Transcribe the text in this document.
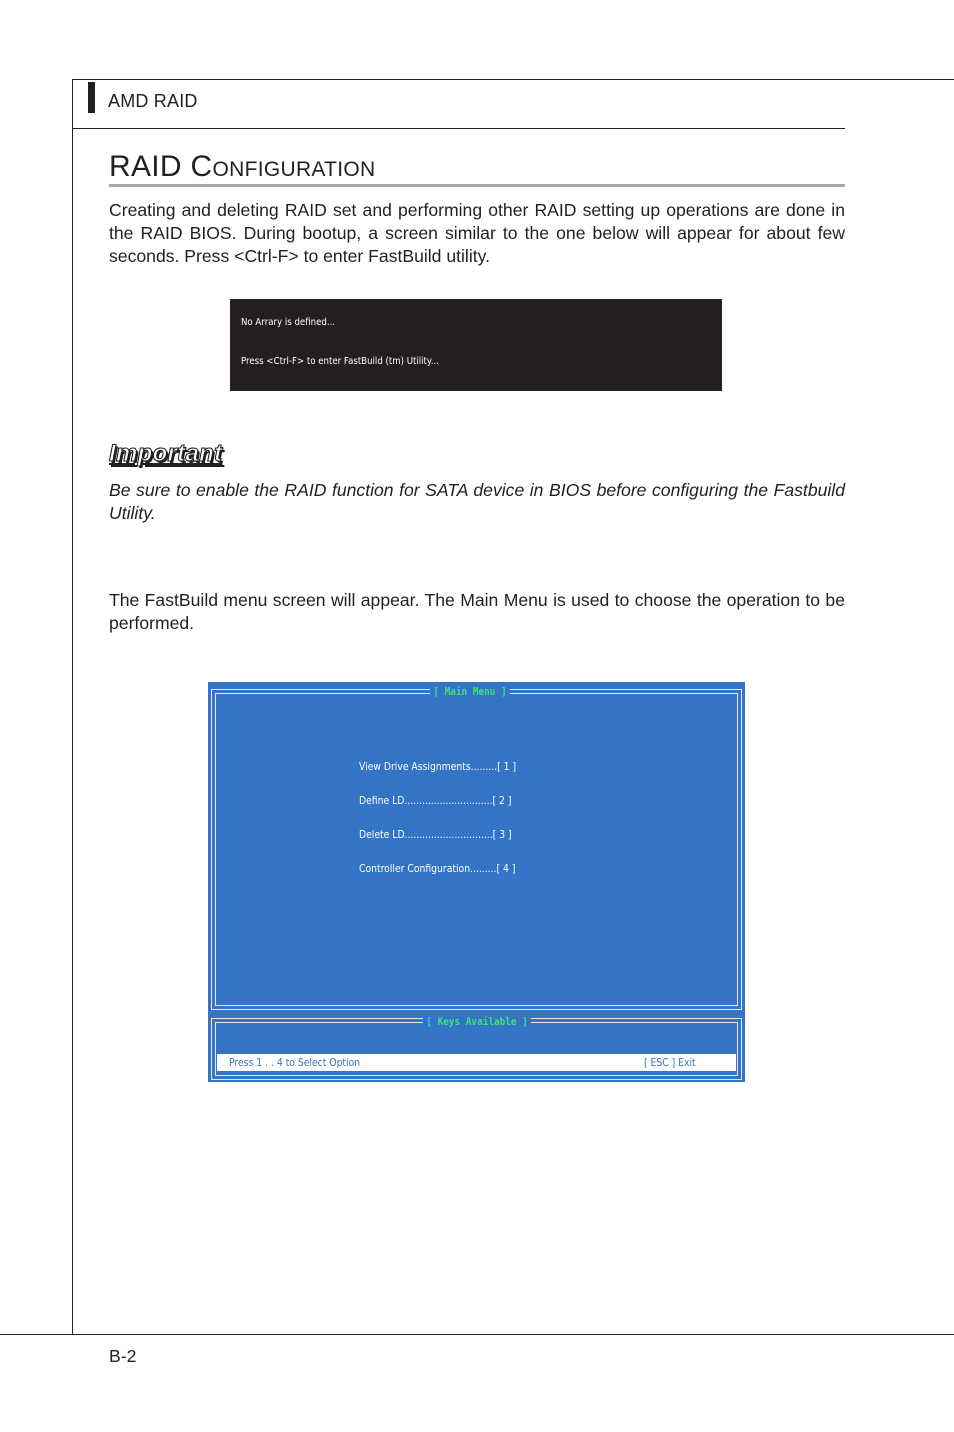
AMD RAID
RAID Configuration

Creating and deleting RAID set and performing other RAID setting up operations are done in the RAID BIOS. During bootup, a screen similar to the one below will appear for about few seconds. Press <Ctrl-F> to enter FastBuild utility.

No Arrary is defined...
Press <Ctrl-F> to enter FastBuild (tm) Utility...
Important

Be sure to enable the RAID function for SATA device in BIOS before configuring the Fastbuild Utility.

The FastBuild menu screen will appear. The Main Menu is used to choose the operation to be performed.

[ Main Menu ]
View Drive Assignments.........[ 1 ]
Define LD..............................[ 2 ]
Delete LD..............................[ 3 ]
Controller Configuration.........[ 4 ]
[ Keys Available ]
Press 1 . . 4 to Select Option	[ ESC ] Exit
B-2
